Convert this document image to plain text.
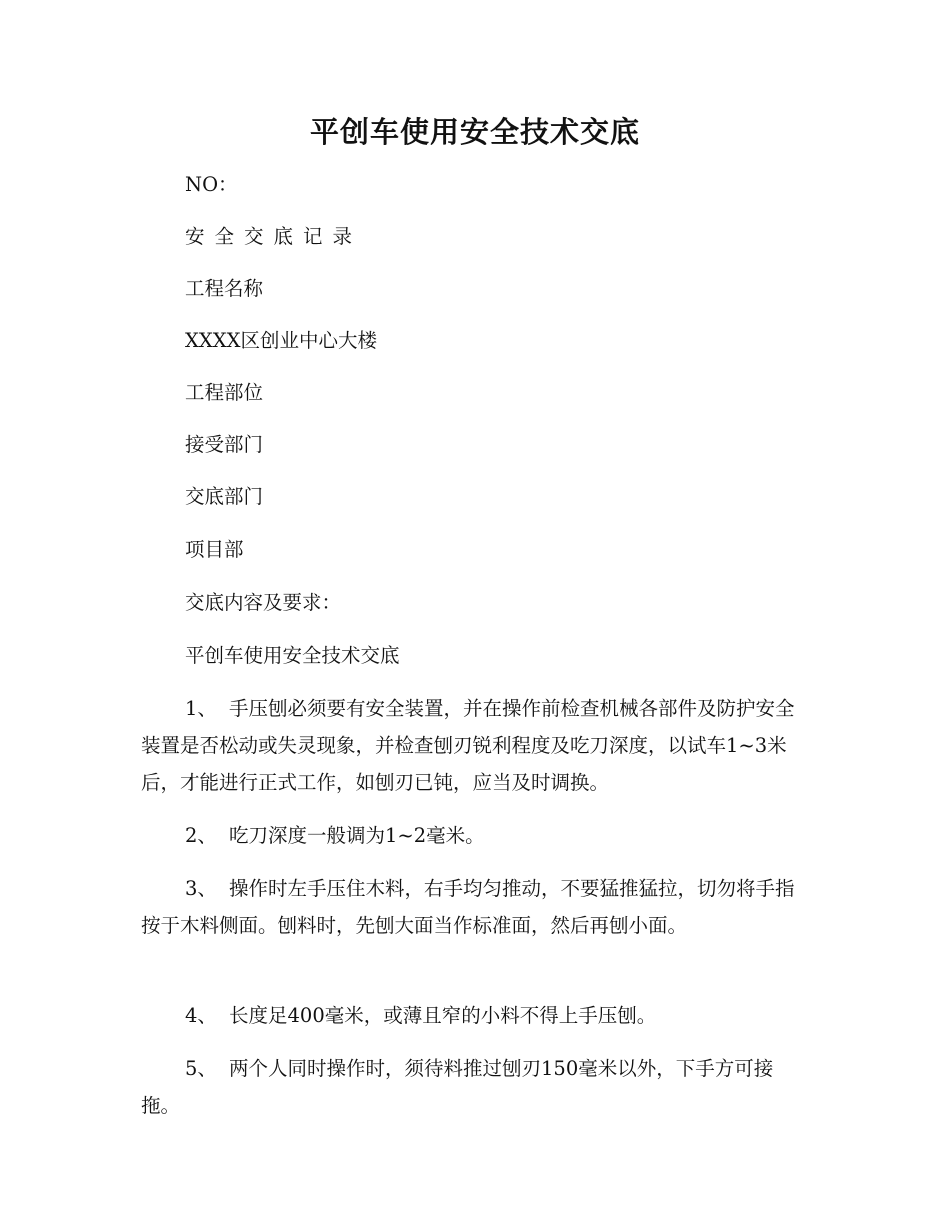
平创车使用安全技术交底
NO：
安全交底记录
工程名称
XXXX区创业中心大楼
工程部位
接受部门
交底部门
项目部
交底内容及要求：
平创车使用安全技术交底
1、 手压刨必须要有安全装置，并在操作前检查机械各部件及防护安全装置是否松动或失灵现象，并检查刨刃锐利程度及吃刀深度，以试车1~3米后，才能进行正式工作，如刨刃已钝，应当及时调换。
2、 吃刀深度一般调为1~2毫米。
3、 操作时左手压住木料，右手均匀推动，不要猛推猛拉，切勿将手指按于木料侧面。刨料时，先刨大面当作标准面，然后再刨小面。
4、 长度足400毫米，或薄且窄的小料不得上手压刨。
5、 两个人同时操作时，须待料推过刨刃150毫米以外，下手方可接拖。
